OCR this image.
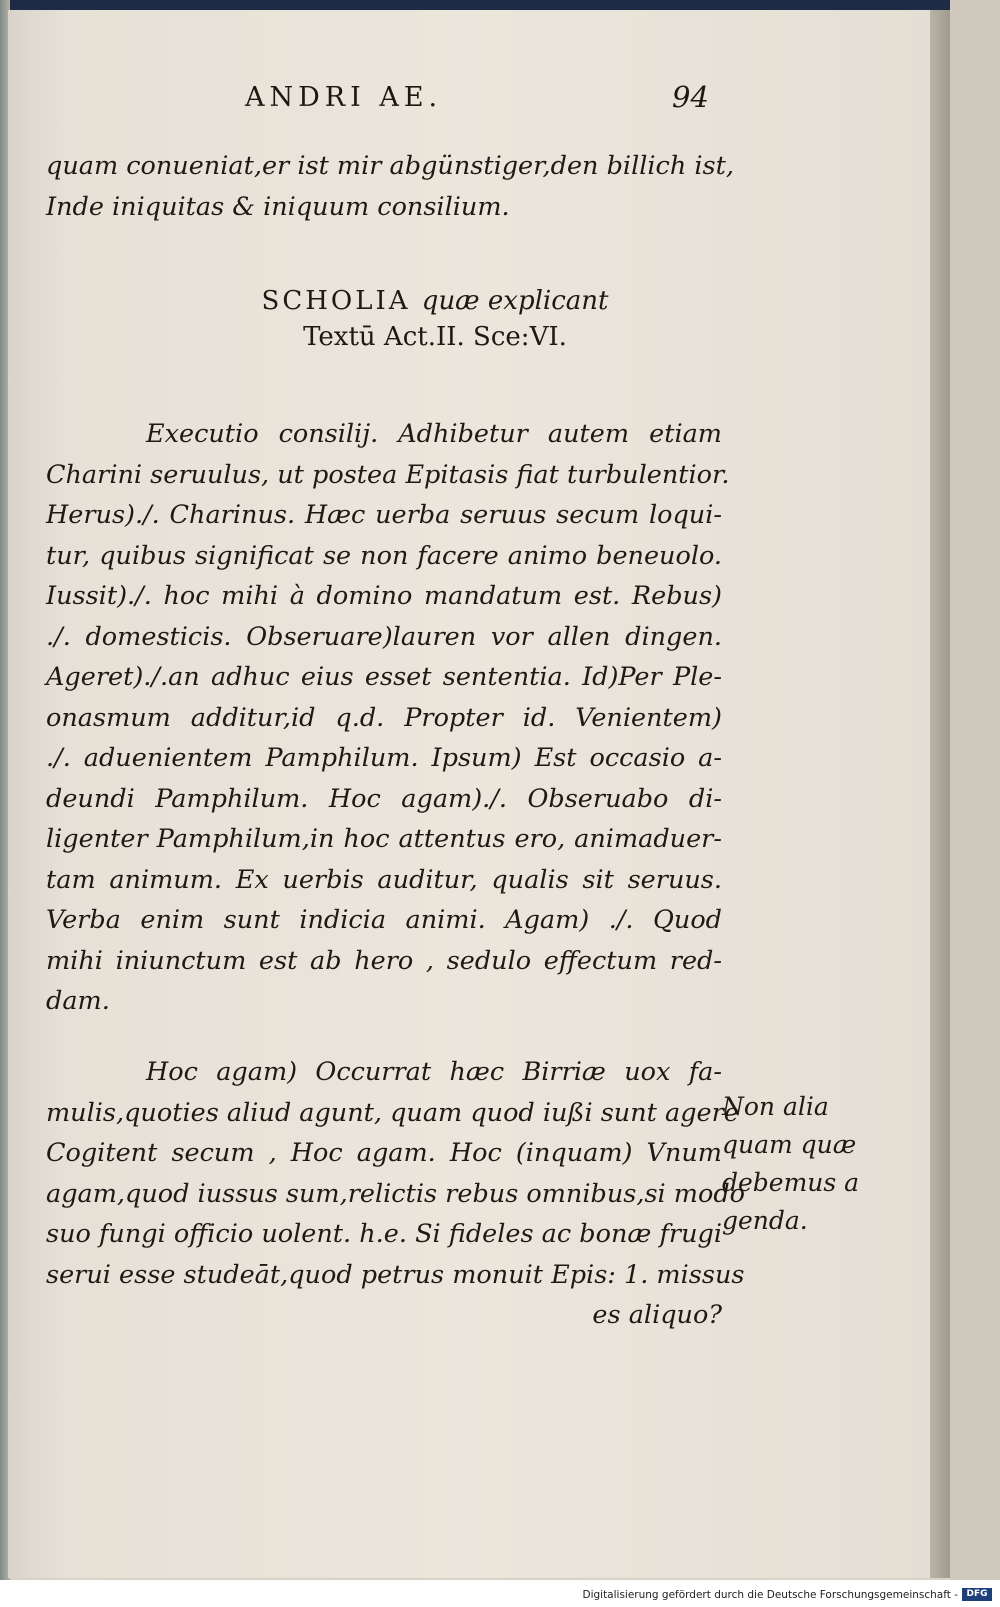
ANDRI AE.	94
quam conueniat,er ist mir abgünstiger,den billich ist,
Inde iniquitas & iniquum consilium.
SCHOLIA quæ explicant
Textū Act.II. Sce:VI.
Executio consilij. Adhibetur autem etiam
Charini seruulus, ut postea Epitasis fiat turbulentior.
Herus)./. Charinus. Hæc uerba seruus secum loqui-
tur, quibus significat se non facere animo beneuolo.
Iussit)./. hoc mihi à domino mandatum est. Rebus)
./. domesticis. Obseruare)lauren vor allen dingen.
Ageret)./.an adhuc eius esset sententia. Id)Per Ple-
onasmum additur,id q.d. Propter id. Venientem)
./. aduenientem Pamphilum. Ipsum) Est occasio a-
deundi Pamphilum. Hoc agam)./. Obseruabo di-
ligenter Pamphilum,in hoc attentus ero, animaduer-
tam animum. Ex uerbis auditur, qualis sit seruus.
Verba enim sunt indicia animi. Agam) ./. Quod
mihi iniunctum est ab hero , sedulo effectum red-
dam.
Hoc agam) Occurrat hæc Birriæ uox fa-
mulis,quoties aliud agunt, quam quod iußi sunt agere
Cogitent secum , Hoc agam. Hoc (inquam) Vnum
agam,quod iussus sum,relictis rebus omnibus,si modo
suo fungi officio uolent. h.e. Si fideles ac bonæ frugi
serui esse studeāt,quod petrus monuit Epis: 1. missus
es aliquo?
Non alia
quam quæ
debemus a
genda.
Digitalisierung gefördert durch die Deutsche Forschungsgemeinschaft - DFG
